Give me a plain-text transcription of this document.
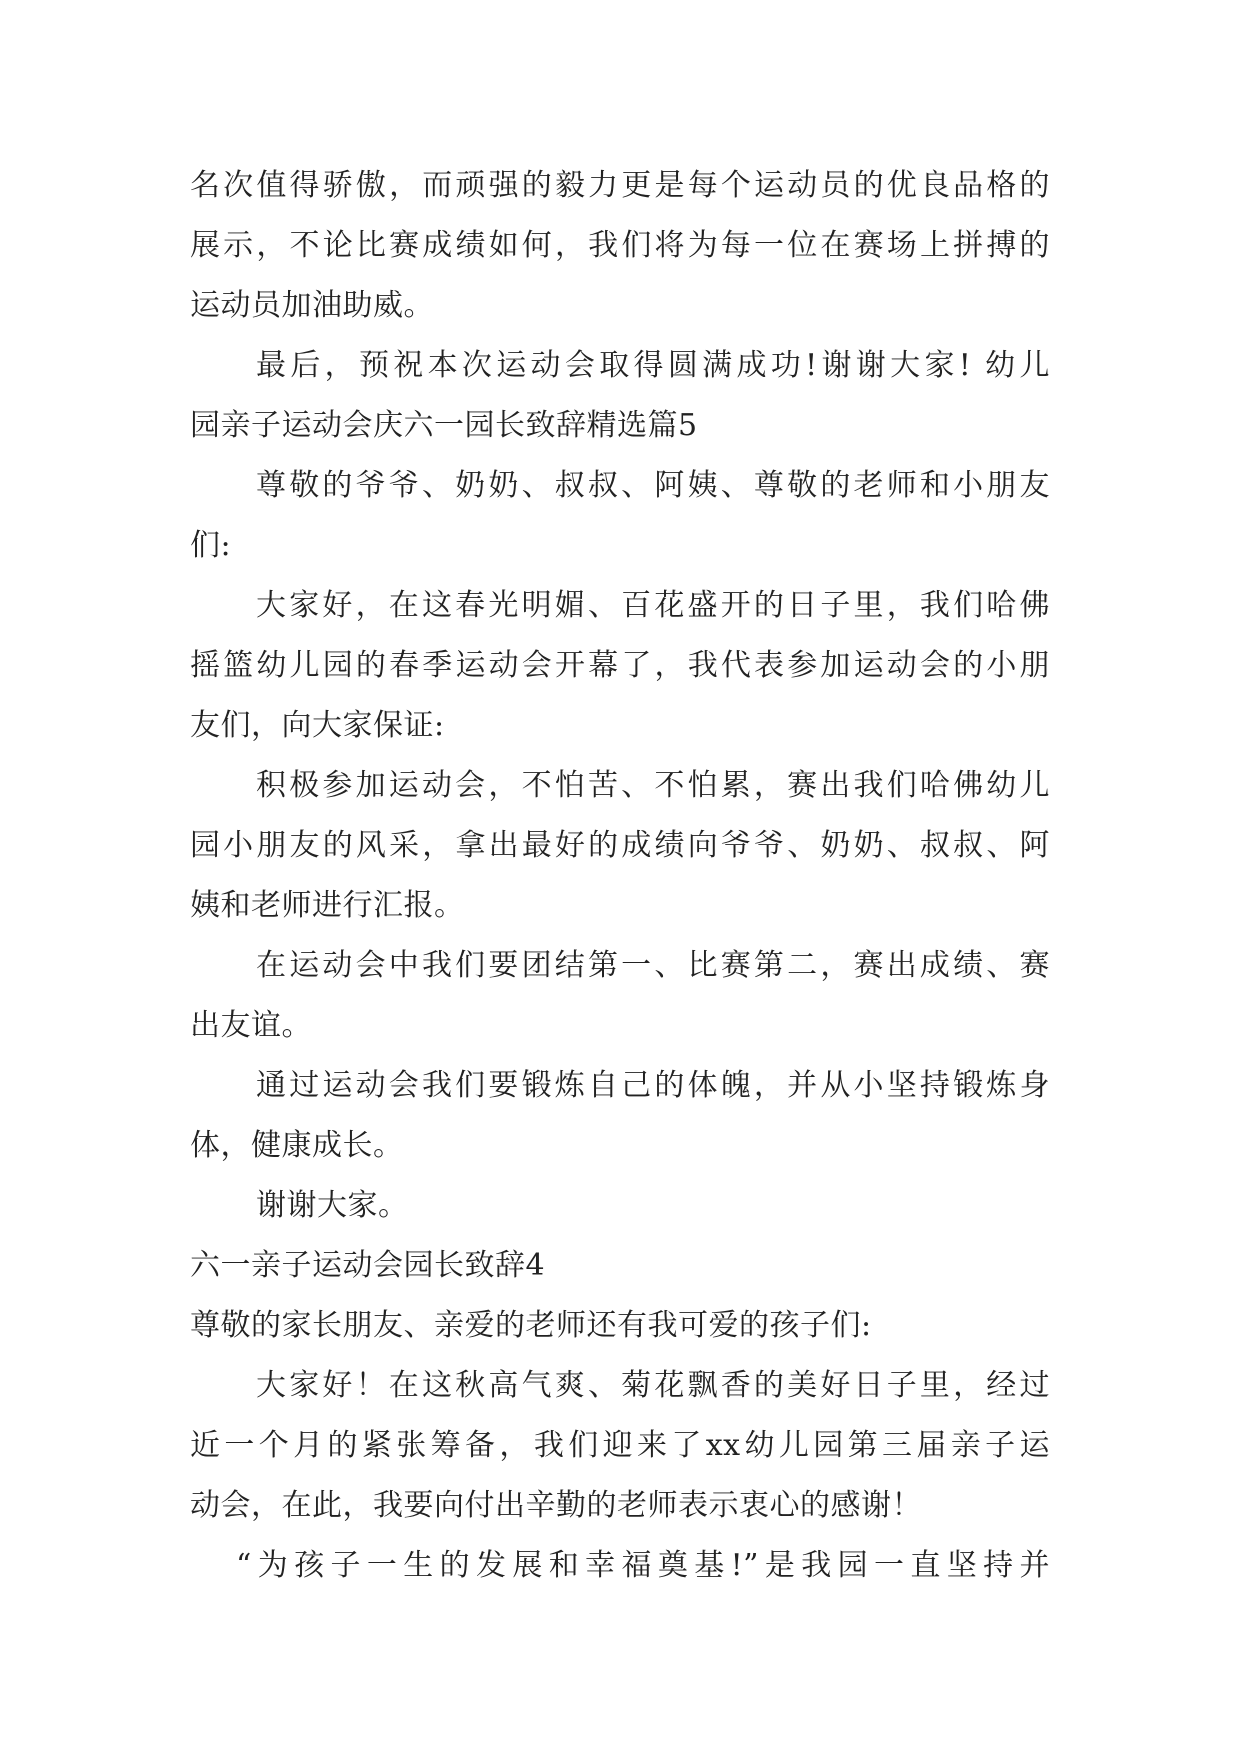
名次值得骄傲，而顽强的毅力更是每个运动员的优良品格的
展示，不论比赛成绩如何，我们将为每一位在赛场上拼搏的
运动员加油助威。
最后，预祝本次运动会取得圆满成功!谢谢大家! 幼儿
园亲子运动会庆六一园长致辞精选篇5
尊敬的爷爷、奶奶、叔叔、阿姨、尊敬的老师和小朋友
们:
大家好，在这春光明媚、百花盛开的日子里，我们哈佛
摇篮幼儿园的春季运动会开幕了，我代表参加运动会的小朋
友们，向大家保证:
积极参加运动会，不怕苦、不怕累，赛出我们哈佛幼儿
园小朋友的风采，拿出最好的成绩向爷爷、奶奶、叔叔、阿
姨和老师进行汇报。
在运动会中我们要团结第一、比赛第二，赛出成绩、赛
出友谊。
通过运动会我们要锻炼自己的体魄，并从小坚持锻炼身
体，健康成长。
谢谢大家。
六一亲子运动会园长致辞4
尊敬的家长朋友、亲爱的老师还有我可爱的孩子们:
大家好！在这秋高气爽、菊花飘香的美好日子里，经过
近一个月的紧张筹备，我们迎来了xx幼儿园第三届亲子运
动会，在此，我要向付出辛勤的老师表示衷心的感谢！
“为孩子一生的发展和幸福奠基!”是我园一直坚持并
